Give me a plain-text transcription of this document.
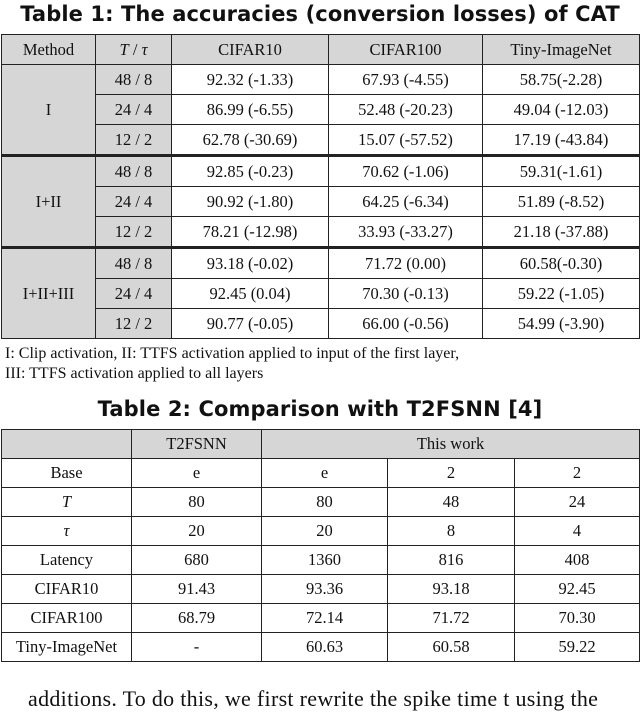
Table 1: The accuracies (conversion losses) of CAT
Method	T / τ	CIFAR10	CIFAR100	Tiny-ImageNet
I	48 / 8	92.32 (-1.33)	67.93 (-4.55)	58.75(-2.28)
	24 / 4	86.99 (-6.55)	52.48 (-20.23)	49.04 (-12.03)
	12 / 2	62.78 (-30.69)	15.07 (-57.52)	17.19 (-43.84)
I+II	48 / 8	92.85 (-0.23)	70.62 (-1.06)	59.31(-1.61)
	24 / 4	90.92 (-1.80)	64.25 (-6.34)	51.89 (-8.52)
	12 / 2	78.21 (-12.98)	33.93 (-33.27)	21.18 (-37.88)
I+II+III	48 / 8	93.18 (-0.02)	71.72 (0.00)	60.58(-0.30)
	24 / 4	92.45 (0.04)	70.30 (-0.13)	59.22 (-1.05)
	12 / 2	90.77 (-0.05)	66.00 (-0.56)	54.99 (-3.90)
I: Clip activation, II: TTFS activation applied to input of the first layer,
III: TTFS activation applied to all layers
Table 2: Comparison with T2FSNN [4]
	T2FSNN	This work		
Base	e	e	2	2
T	80	80	48	24
τ	20	20	8	4
Latency	680	1360	816	408
CIFAR10	91.43	93.36	93.18	92.45
CIFAR100	68.79	72.14	71.72	70.30
Tiny-ImageNet	-	60.63	60.58	59.22
additions. To do this, we first rewrite the spike time t using the
